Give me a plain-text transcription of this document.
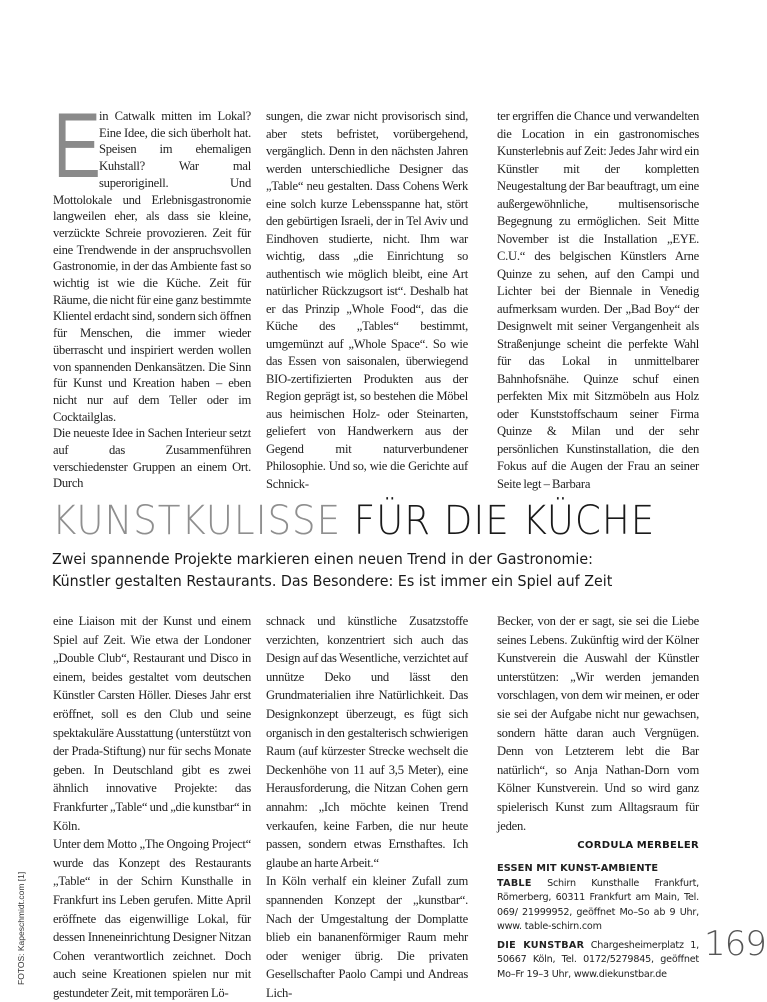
E
in Catwalk mitten im Lokal? Eine Idee, die sich überholt hat. Speisen im ehemaligen Kuhstall? War mal superoriginell. Und Mottolokale und Erlebnisgastronomie langweilen eher, als dass sie kleine, verzückte Schreie provozieren. Zeit für eine Trendwende in der anspruchsvollen Gastronomie, in der das Ambiente fast so wichtig ist wie die Küche. Zeit für Räume, die nicht für eine ganz bestimmte Klientel erdacht sind, sondern sich öffnen für Menschen, die immer wieder überrascht und inspiriert werden wollen von spannenden Denkansätzen. Die Sinn für Kunst und Kreation haben – eben nicht nur auf dem Teller oder im Cocktailglas.

Die neueste Idee in Sachen Interieur setzt auf das Zusammenführen verschiedenster Gruppen an einem Ort. Durch

sungen, die zwar nicht provisorisch sind, aber stets befristet, vorübergehend, vergänglich. Denn in den nächsten Jahren werden unterschiedliche Designer das „Table“ neu gestalten. Dass Cohens Werk eine solch kurze Lebensspanne hat, stört den gebürtigen Israeli, der in Tel Aviv und Eindhoven studierte, nicht. Ihm war wichtig, dass „die Einrichtung so authentisch wie möglich bleibt, eine Art natürlicher Rückzugsort ist“. Deshalb hat er das Prinzip „Whole Food“, das die Küche des „Tables“ bestimmt, umgemünzt auf „Whole Space“. So wie das Essen von saisonalen, überwiegend BIO-zertifizierten Produkten aus der Region geprägt ist, so bestehen die Möbel aus heimischen Holz- oder Steinarten, geliefert von Handwerkern aus der Gegend mit naturverbundener Philosophie. Und so, wie die Gerichte auf Schnick-

ter ergriffen die Chance und verwandelten die Location in ein gastronomisches Kunsterlebnis auf Zeit: Jedes Jahr wird ein Künstler mit der kompletten Neugestaltung der Bar beauftragt, um eine außergewöhnliche, multisensorische Begegnung zu ermöglichen. Seit Mitte November ist die Installation „EYE. C.U.“ des belgischen Künstlers Arne Quinze zu sehen, auf den Campi und Lichter bei der Biennale in Venedig aufmerksam wurden. Der „Bad Boy“ der Designwelt mit seiner Vergangenheit als Straßenjunge scheint die perfekte Wahl für das Lokal in unmittelbarer Bahnhofsnähe. Quinze schuf einen perfekten Mix mit Sitzmöbeln aus Holz oder Kunststoffschaum seiner Firma Quinze & Milan und der sehr persönlichen Kunstinstallation, die den Fokus auf die Augen der Frau an seiner Seite legt – Barbara

KUNSTKULISSE FÜR DIE KÜCHE
Zwei spannende Projekte markieren einen neuen Trend in der Gastronomie:
Künstler gestalten Restaurants. Das Besondere: Es ist immer ein Spiel auf Zeit

eine Liaison mit der Kunst und einem Spiel auf Zeit. Wie etwa der Londoner „Double Club“, Restaurant und Disco in einem, beides gestaltet vom deutschen Künstler Carsten Höller. Dieses Jahr erst eröffnet, soll es den Club und seine spektakuläre Ausstattung (unterstützt von der Prada-Stiftung) nur für sechs Monate geben. In Deutschland gibt es zwei ähnlich innovative Projekte: das Frankfurter „Table“ und „die kunstbar“ in Köln.

Unter dem Motto „The Ongoing Project“ wurde das Konzept des Restaurants „Table“ in der Schirn Kunsthalle in Frankfurt ins Leben gerufen. Mitte April eröffnete das eigenwillige Lokal, für dessen Inneneinrichtung Designer Nitzan Cohen verantwortlich zeichnet. Doch auch seine Kreationen spielen nur mit gestundeter Zeit, mit temporären Lö-

schnack und künstliche Zusatzstoffe verzichten, konzentriert sich auch das Design auf das Wesentliche, verzichtet auf unnütze Deko und lässt den Grundmaterialien ihre Natürlichkeit. Das Designkonzept überzeugt, es fügt sich organisch in den gestalterisch schwierigen Raum (auf kürzester Strecke wechselt die Deckenhöhe von 11 auf 3,5 Meter), eine Herausforderung, die Nitzan Cohen gern annahm: „Ich möchte keinen Trend verkaufen, keine Farben, die nur heute passen, sondern etwas Ernsthaftes. Ich glaube an harte Arbeit.“

In Köln verhalf ein kleiner Zufall zum spannenden Konzept der „kunstbar“. Nach der Umgestaltung der Domplatte blieb ein bananenförmiger Raum mehr oder weniger übrig. Die privaten Gesellschafter Paolo Campi und Andreas Lich-

Becker, von der er sagt, sie sei die Liebe seines Lebens. Zukünftig wird der Kölner Kunstverein die Auswahl der Künstler unterstützen: „Wir werden jemanden vorschlagen, von dem wir meinen, er oder sie sei der Aufgabe nicht nur gewachsen, sondern hätte daran auch Vergnügen. Denn von Letzterem lebt die Bar natürlich“, so Anja Nathan-Dorn vom Kölner Kunstverein. Und so wird ganz spielerisch Kunst zum Alltagsraum für jeden.

CORDULA MERBELER
ESSEN MIT KUNST-AMBIENTE
TABLE Schirn Kunsthalle Frankfurt, Römerberg, 60311 Frankfurt am Main, Tel. 069/ 21999952, geöffnet Mo–So ab 9 Uhr, www. table-schirn.com
DIE KUNSTBAR Chargesheimerplatz 1, 50667 Köln, Tel. 0172/5279845, geöffnet Mo–Fr 19–3 Uhr, www.diekunstbar.de
169
FOTOS: Kapeschmidt.com [1]
